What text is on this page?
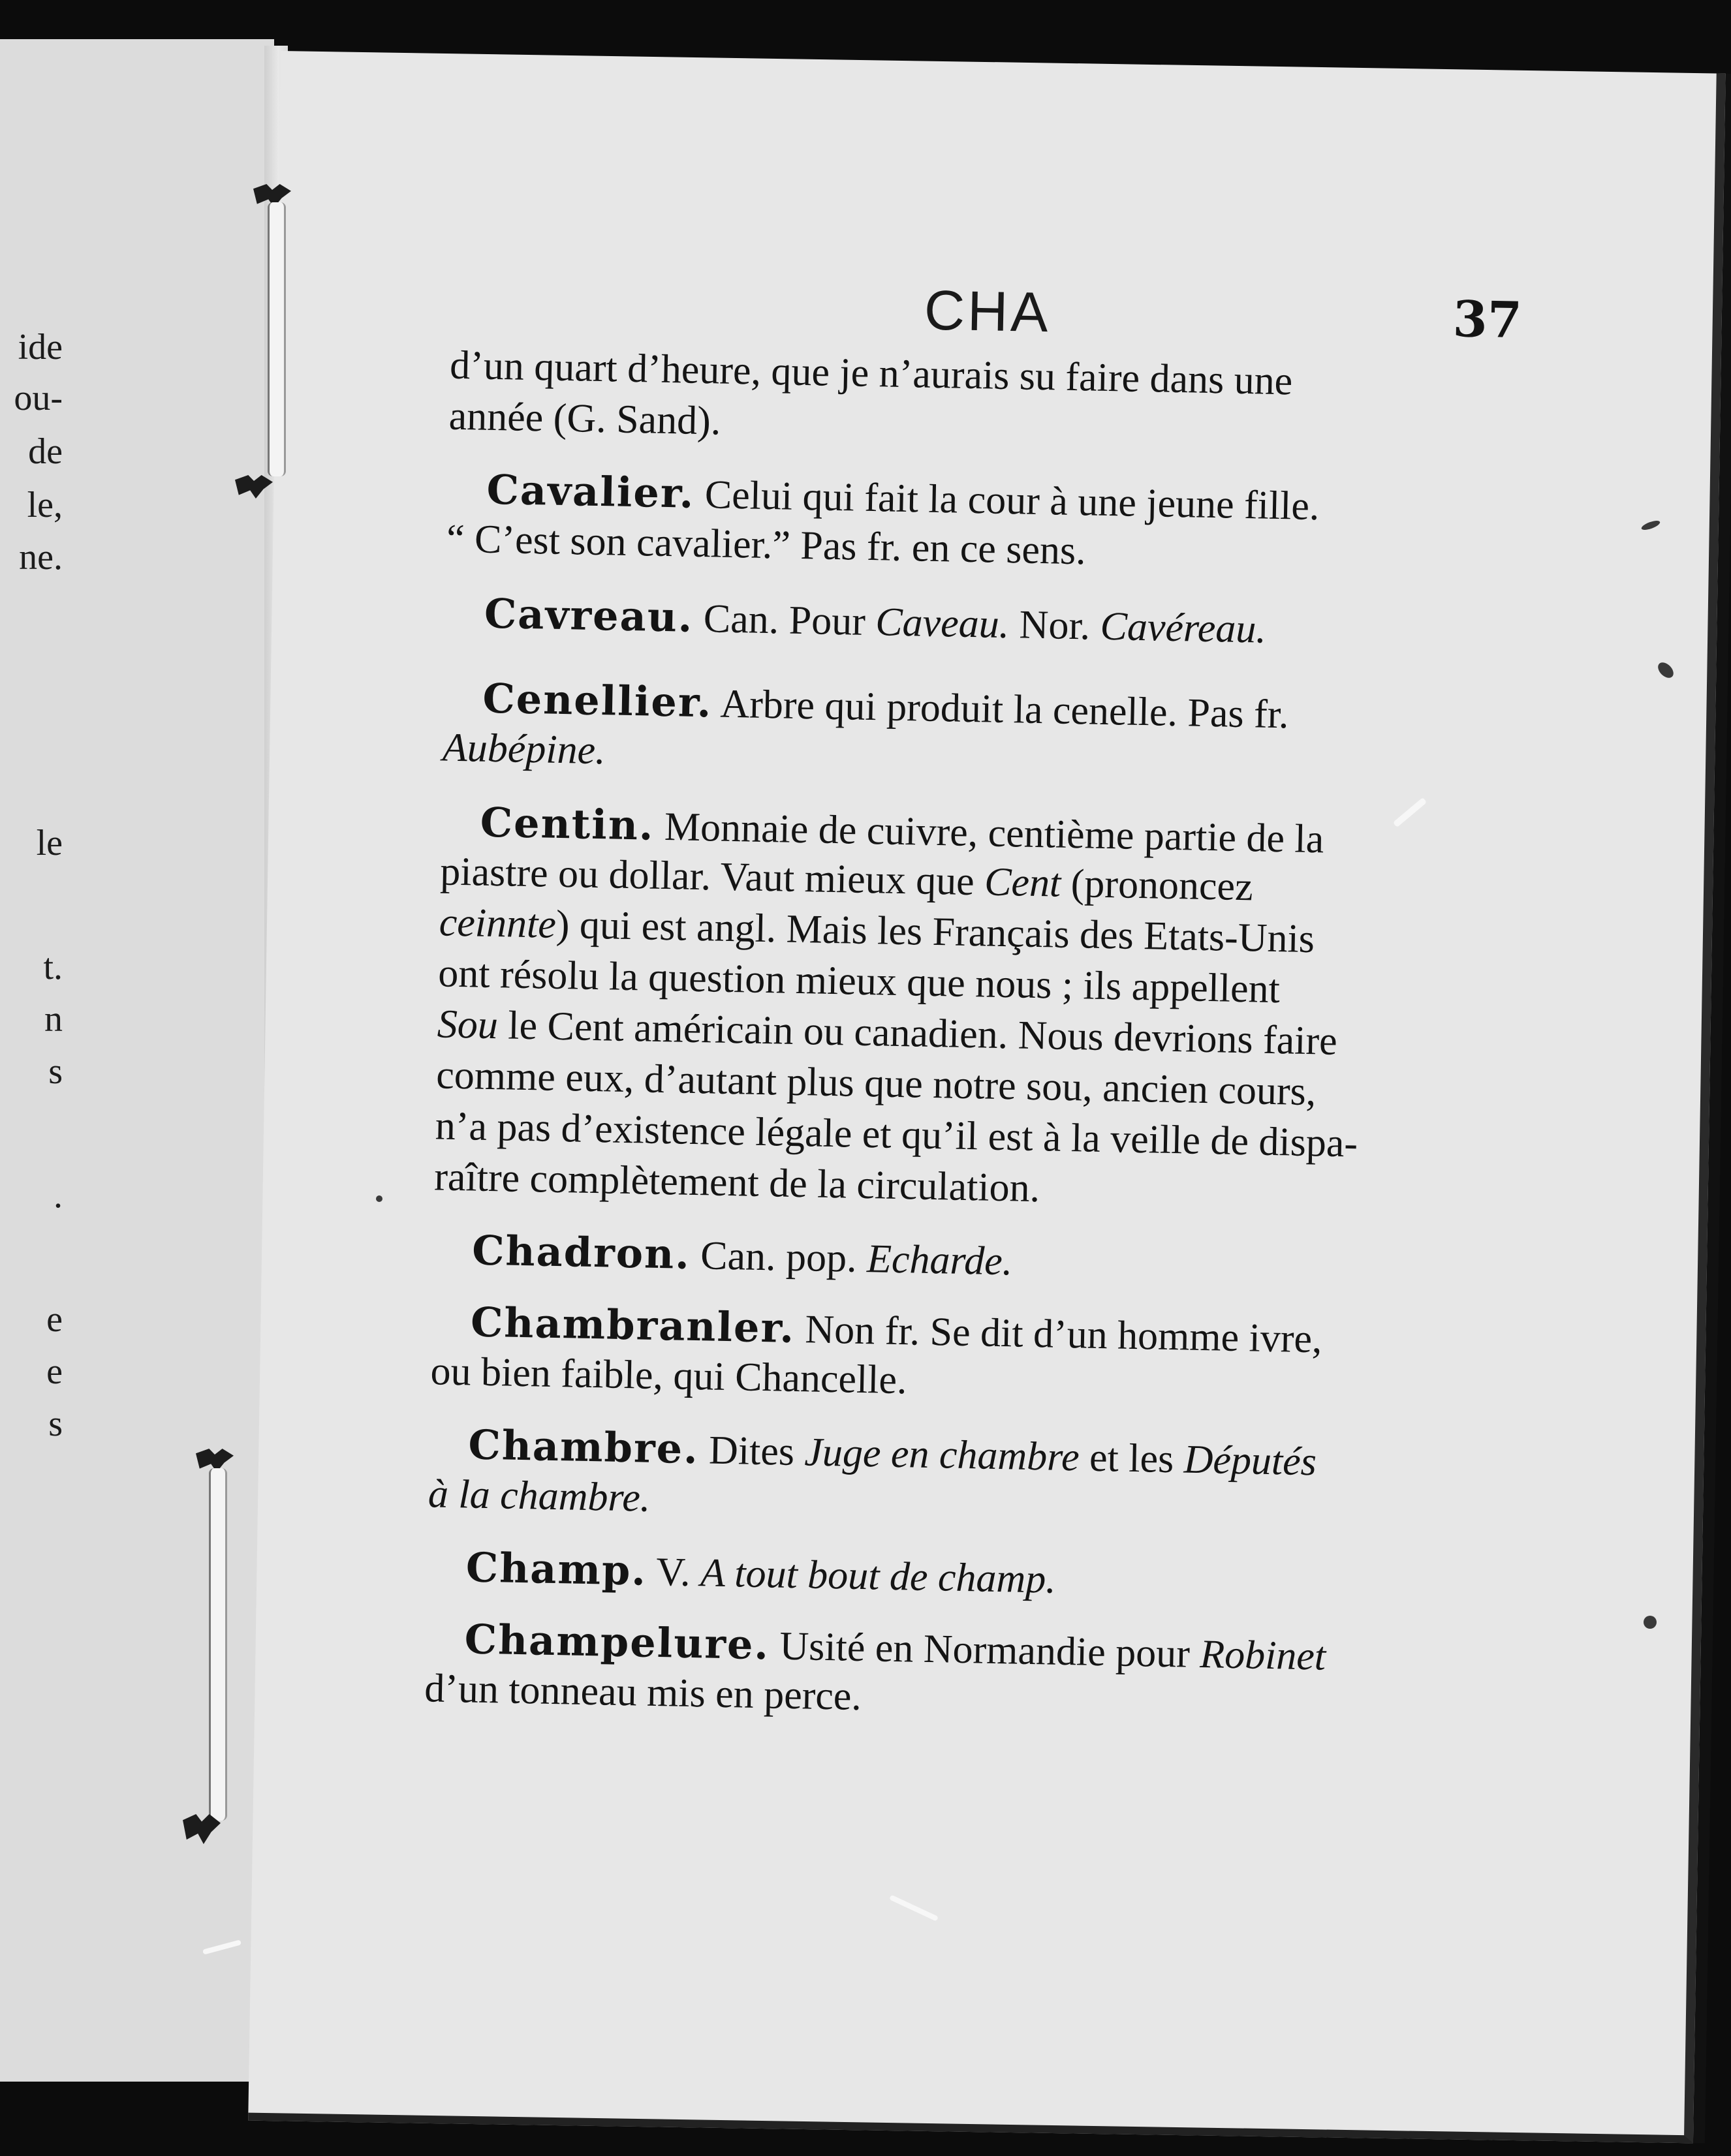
ide
ou-
de
le,
ne.
le
t.
n
s
.
e
e
s
CHA	37
d’un quart d’heure, que je n’aurais su faire dans une
année (G. Sand).
Cavalier. Celui qui fait la cour à une jeune fille.
“ C’est son cavalier.” Pas fr. en ce sens.
Cavreau. Can. Pour Caveau. Nor. Cavéreau.
Cenellier. Arbre qui produit la cenelle. Pas fr.
Aubépine.
Centin. Monnaie de cuivre, centième partie de la
piastre ou dollar. Vaut mieux que Cent (prononcez
ceinnte) qui est angl. Mais les Français des Etats-Unis
ont résolu la question mieux que nous ; ils appellent
Sou le Cent américain ou canadien. Nous devrions faire
comme eux, d’autant plus que notre sou, ancien cours,
n’a pas d’existence légale et qu’il est à la veille de dispa-
raître complètement de la circulation.
Chadron. Can. pop. Echarde.
Chambranler. Non fr. Se dit d’un homme ivre,
ou bien faible, qui Chancelle.
Chambre. Dites Juge en chambre et les Députés
à la chambre.
Champ. V. A tout bout de champ.
Champelure. Usité en Normandie pour Robinet
d’un tonneau mis en perce.
